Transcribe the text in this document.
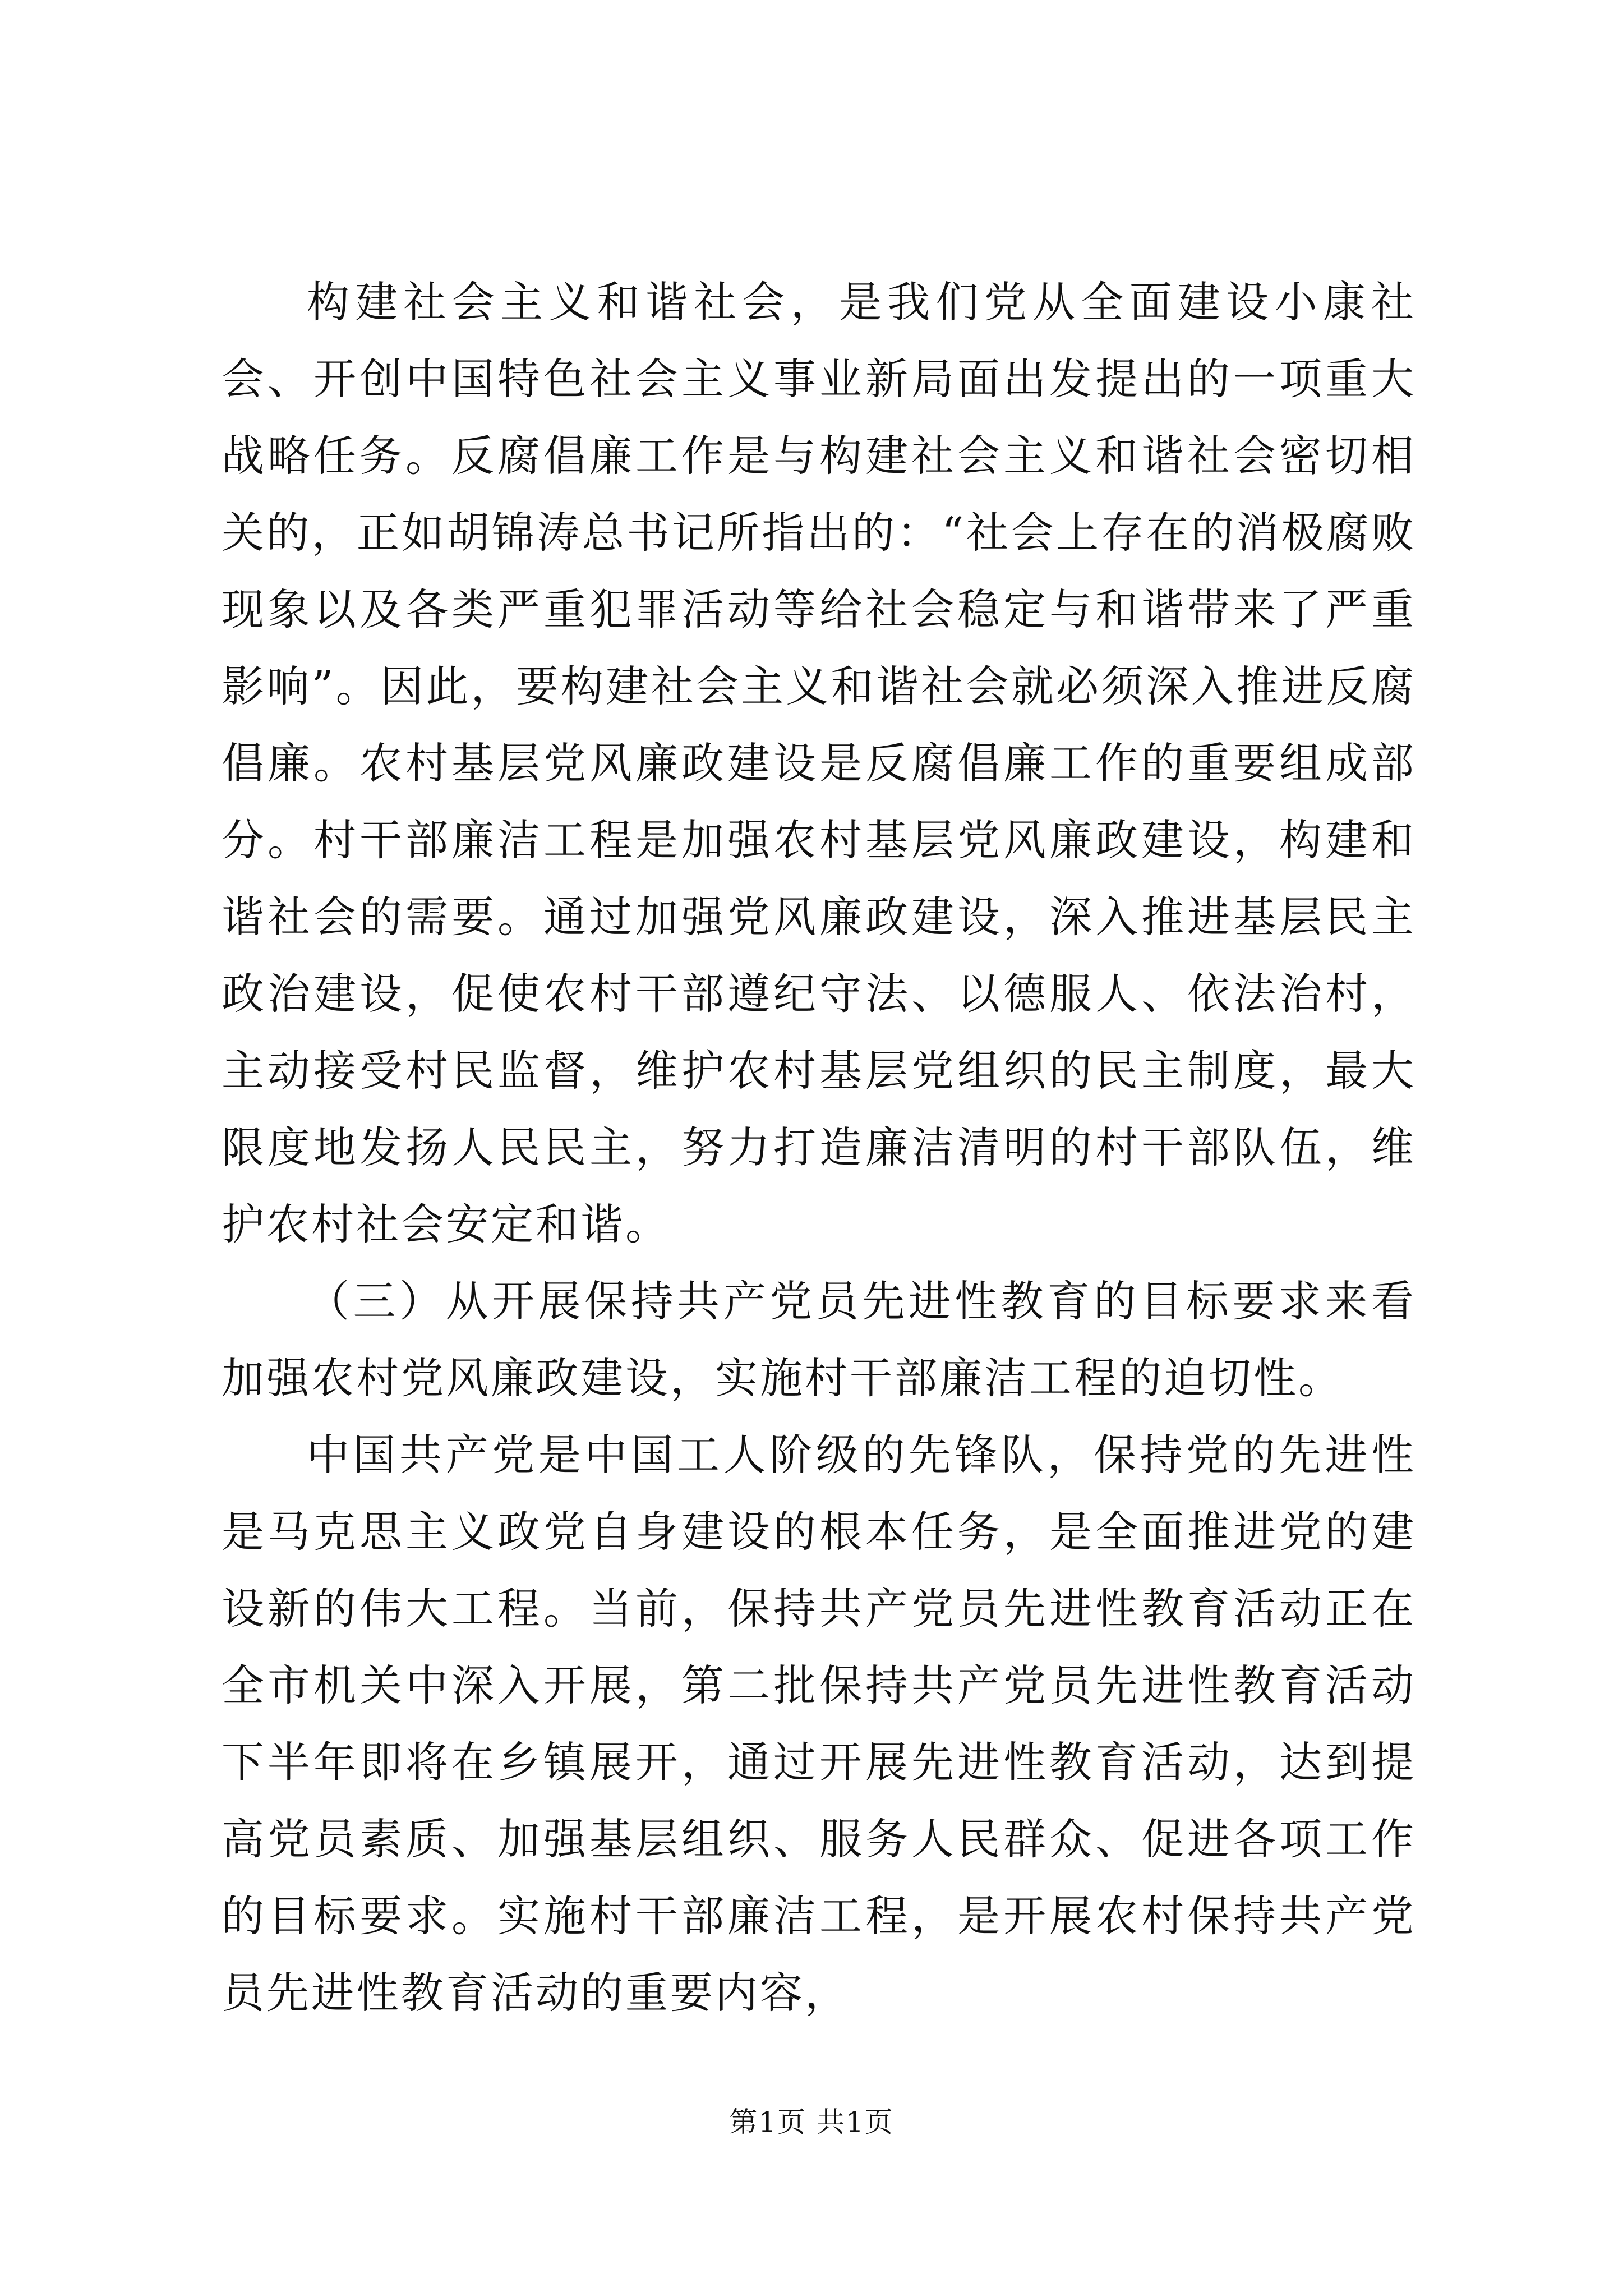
构建社会主义和谐社会，是我们党从全面建设小康社会、开创中国特色社会主义事业新局面出发提出的一项重大战略任务。反腐倡廉工作是与构建社会主义和谐社会密切相关的，正如胡锦涛总书记所指出的：“社会上存在的消极腐败现象以及各类严重犯罪活动等给社会稳定与和谐带来了严重影响”。因此，要构建社会主义和谐社会就必须深入推进反腐倡廉。农村基层党风廉政建设是反腐倡廉工作的重要组成部分。村干部廉洁工程是加强农村基层党风廉政建设，构建和谐社会的需要。通过加强党风廉政建设，深入推进基层民主政治建设，促使农村干部遵纪守法、以德服人、依法治村，主动接受村民监督，维护农村基层党组织的民主制度，最大限度地发扬人民民主，努力打造廉洁清明的村干部队伍，维护农村社会安定和谐。

（三）从开展保持共产党员先进性教育的目标要求来看加强农村党风廉政建设，实施村干部廉洁工程的迫切性。

中国共产党是中国工人阶级的先锋队，保持党的先进性是马克思主义政党自身建设的根本任务，是全面推进党的建设新的伟大工程。当前，保持共产党员先进性教育活动正在全市机关中深入开展，第二批保持共产党员先进性教育活动下半年即将在乡镇展开，通过开展先进性教育活动，达到提高党员素质、加强基层组织、服务人民群众、促进各项工作的目标要求。实施村干部廉洁工程，是开展农村保持共产党员先进性教育活动的重要内容，

第1页 共1页
